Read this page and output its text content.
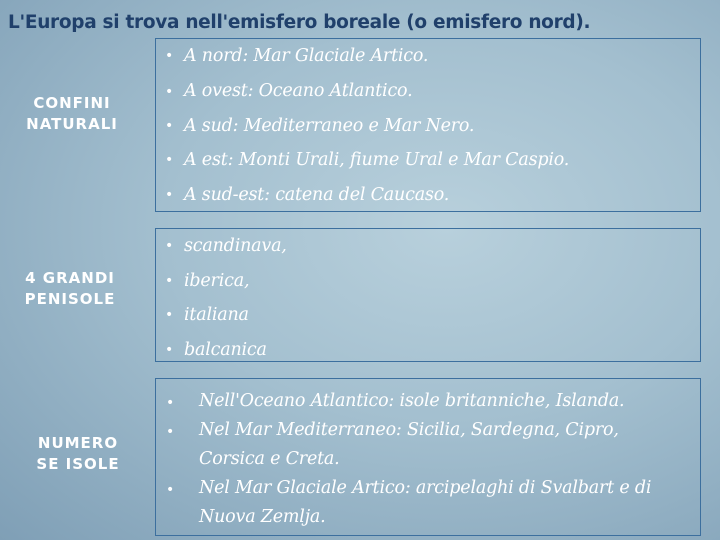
L'Europa si trova nell'emisfero boreale (o emisfero nord).
CONFINI
NATURALI
• A nord: Mar Glaciale Artico.
• A ovest: Oceano Atlantico.
• A sud: Mediterraneo e Mar Nero.
• A est: Monti Urali, fiume Ural e Mar Caspio.
• A sud-est: catena del Caucaso.
4 GRANDI
PENISOLE
• scandinava,
• iberica,
• italiana
• balcanica
NUMERO
SE ISOLE
• Nell'Oceano Atlantico: isole britanniche, Islanda.
• Nel Mar Mediterraneo: Sicilia, Sardegna, Cipro,
Corsica e Creta.
• Nel Mar Glaciale Artico: arcipelaghi di Svalbart e di
Nuova Zemlja.
